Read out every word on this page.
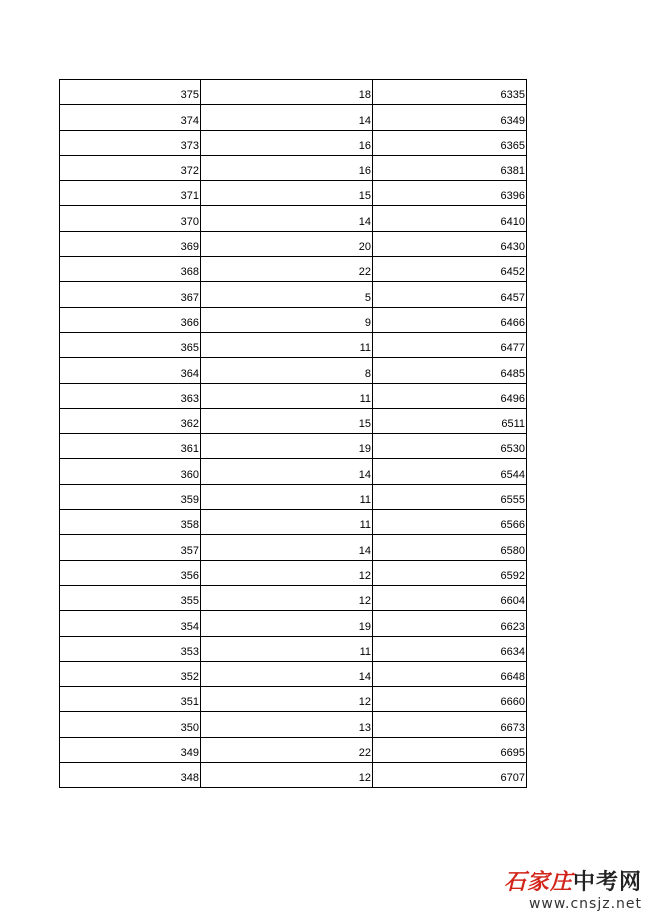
375	18	6335
374	14	6349
373	16	6365
372	16	6381
371	15	6396
370	14	6410
369	20	6430
368	22	6452
367	5	6457
366	9	6466
365	11	6477
364	8	6485
363	11	6496
362	15	6511
361	19	6530
360	14	6544
359	11	6555
358	11	6566
357	14	6580
356	12	6592
355	12	6604
354	19	6623
353	11	6634
352	14	6648
351	12	6660
350	13	6673
349	22	6695
348	12	6707
石家庄中考网
www.cnsjz.net
